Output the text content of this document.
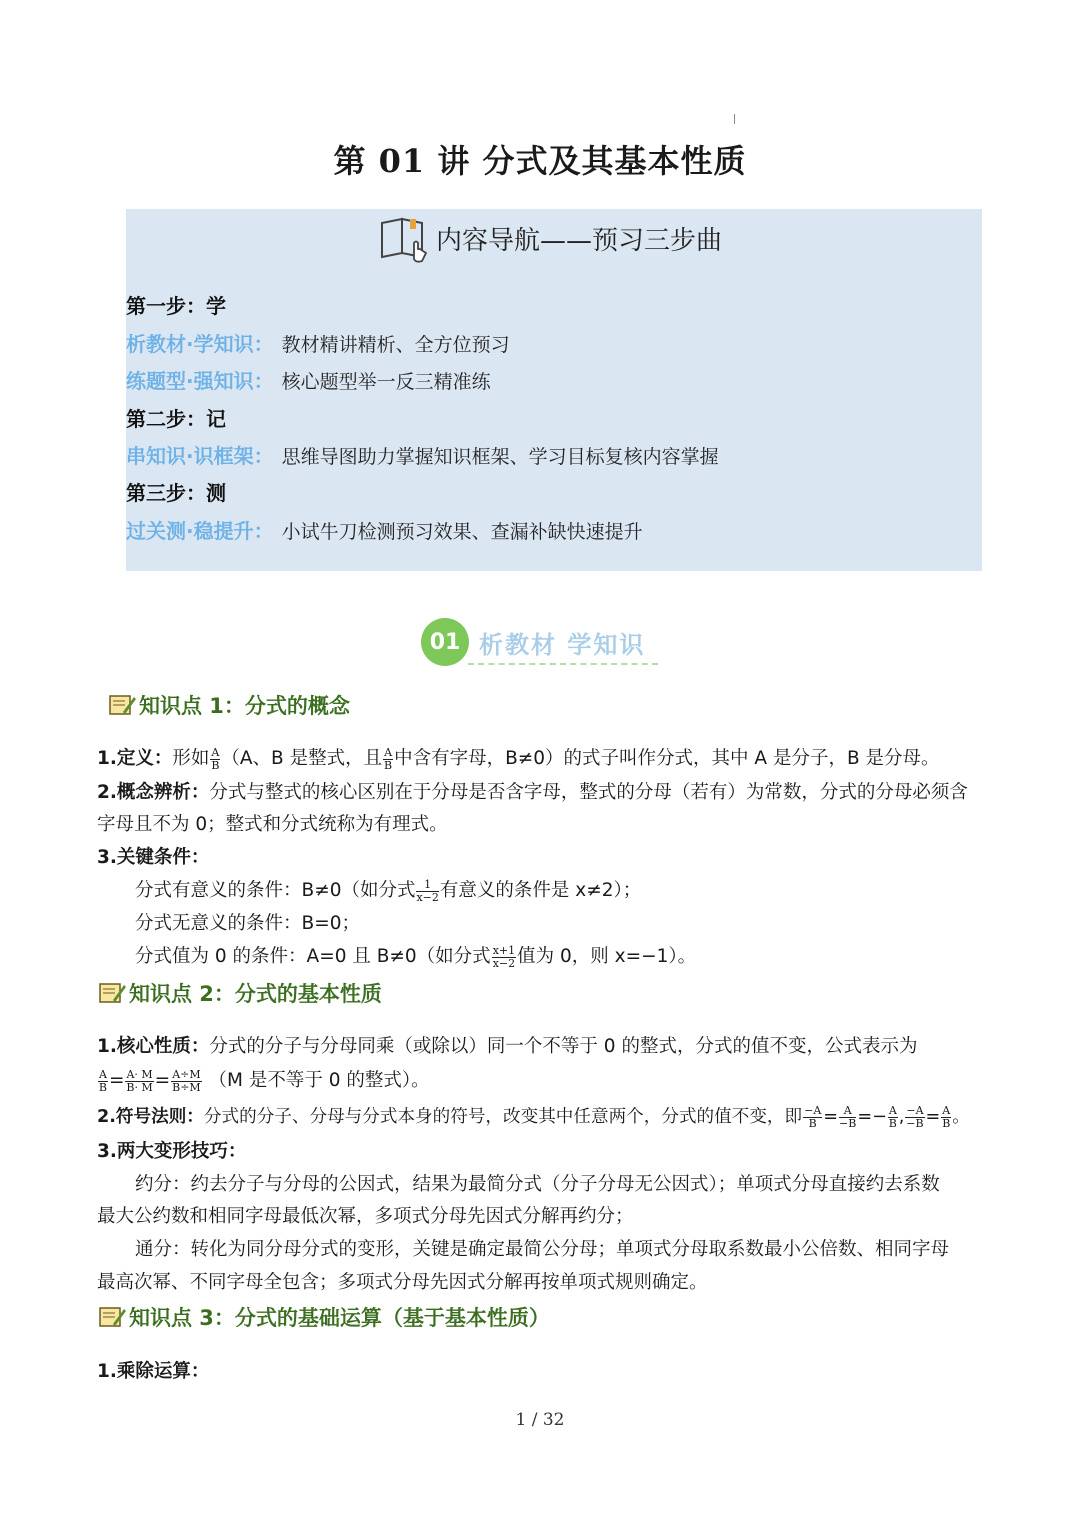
第 01 讲 分式及其基本性质
内容导航——预习三步曲
第一步：学
析教材·学知识： 教材精讲精析、全方位预习
练题型·强知识： 核心题型举一反三精准练
第二步：记
串知识·识框架： 思维导图助力掌握知识框架、学习目标复核内容掌握
第三步：测
过关测·稳提升： 小试牛刀检测预习效果、查漏补缺快速提升
01 析教材 学知识
知识点 1：分式的概念
1.定义：形如 $\frac{A}{B} (A$、B 是整式，且 $\frac{A}{B}$ 中含有字母，B≠0）的式子叫作分式，其中 A 是分子，B 是分母。
2.概念辨析：分式与整式的核心区别在于分母是否含字母，整式的分母（若有）为常数，分式的分母必须含
字母且不为 0；整式和分式统称为有理式。
3.关键条件：
分式有意义的条件：B≠0（如分式 $\frac{1}{x-2}$ 有意义的条件是 x≠2）；
分式无意义的条件：B=0；
分式值为 0 的条件：A=0 且 B≠0（如分式 $\frac{x+1}{x-2}$ 值为 0，则 x=−1）。
知识点 2：分式的基本性质
1.核心性质：分式的分子与分母同乘（或除以）同一个不等于 0 的整式，分式的值不变，公式表示为
$\frac{A}{B} = \frac{A\cdot M}{B\cdot M} = \frac{A\div M}{B\div M} (M$ 是不等于 0 的整式）。
2.符号法则：分式的分子、分母与分式本身的符号，改变其中任意两个，分式的值不变，即 $\frac{-A}{B} = \frac{A}{-B} =- \frac{A}{B}$ , $\frac{-A}{-B} = \frac{A}{B}$ 。
3.两大变形技巧：
约分：约去分子与分母的公因式，结果为最简分式（分子分母无公因式）；单项式分母直接约去系数
最大公约数和相同字母最低次幂，多项式分母先因式分解再约分；
通分：转化为同分母分式的变形，关键是确定最简公分母；单项式分母取系数最小公倍数、相同字母
最高次幂、不同字母全包含；多项式分母先因式分解再按单项式规则确定。
知识点 3：分式的基础运算（基于基本性质）
1.乘除运算：
1 / 32
